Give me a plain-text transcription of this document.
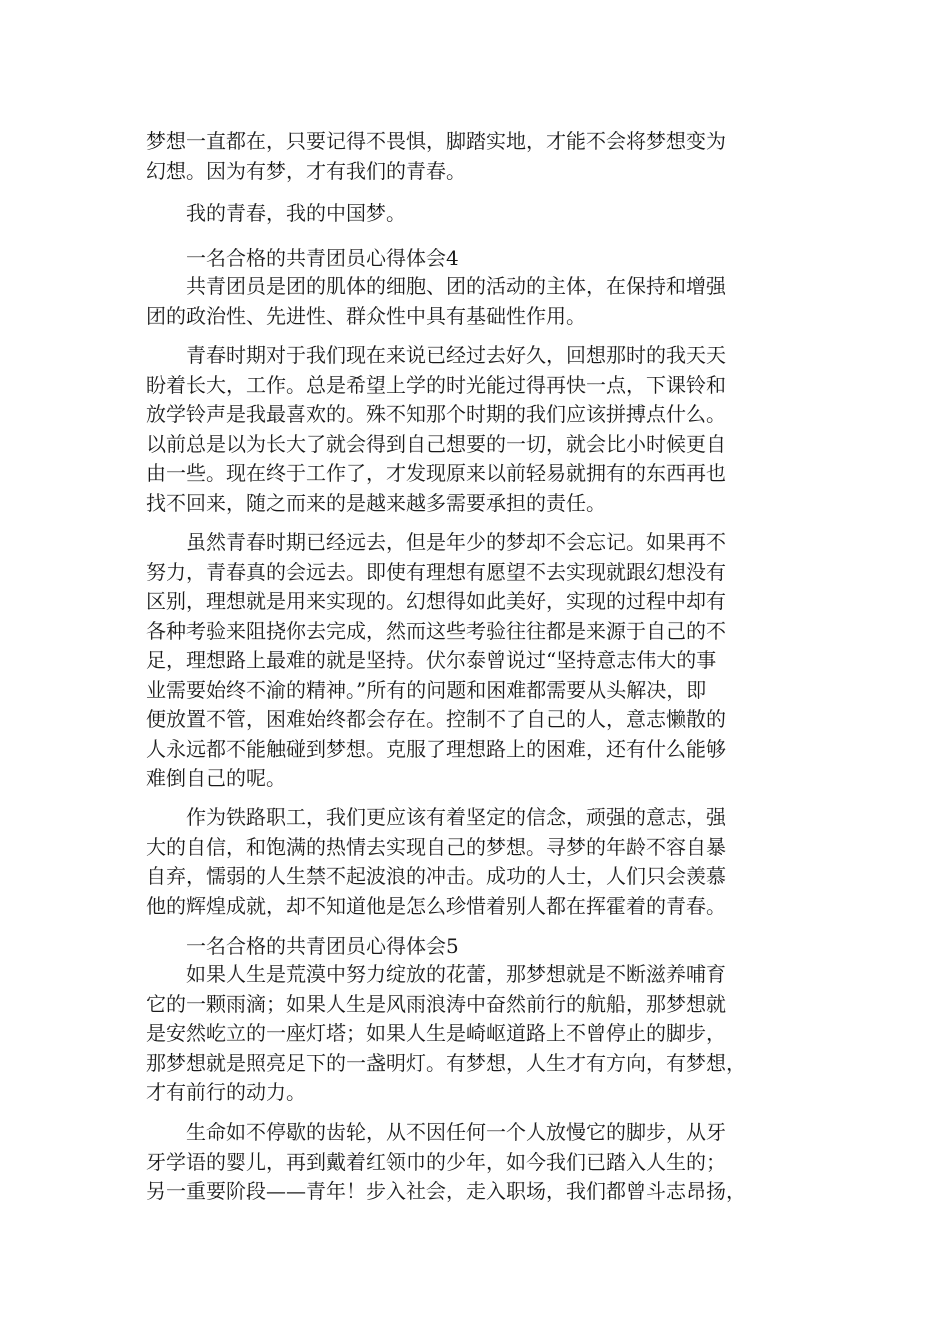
梦想一直都在，只要记得不畏惧，脚踏实地，才能不会将梦想变为
幻想。因为有梦，才有我们的青春。
　　我的青春，我的中国梦。
　　一名合格的共青团员心得体会4
　　共青团员是团的肌体的细胞、团的活动的主体，在保持和增强
团的政治性、先进性、群众性中具有基础性作用。
　　青春时期对于我们现在来说已经过去好久，回想那时的我天天
盼着长大，工作。总是希望上学的时光能过得再快一点，下课铃和
放学铃声是我最喜欢的。殊不知那个时期的我们应该拼搏点什么。
以前总是以为长大了就会得到自己想要的一切，就会比小时候更自
由一些。现在终于工作了，才发现原来以前轻易就拥有的东西再也
找不回来，随之而来的是越来越多需要承担的责任。
　　虽然青春时期已经远去，但是年少的梦却不会忘记。如果再不
努力，青春真的会远去。即使有理想有愿望不去实现就跟幻想没有
区别，理想就是用来实现的。幻想得如此美好，实现的过程中却有
各种考验来阻挠你去完成，然而这些考验往往都是来源于自己的不
足，理想路上最难的就是坚持。伏尔泰曾说过“坚持意志伟大的事
业需要始终不渝的精神。”所有的问题和困难都需要从头解决，即
便放置不管，困难始终都会存在。控制不了自己的人，意志懒散的
人永远都不能触碰到梦想。克服了理想路上的困难，还有什么能够
难倒自己的呢。
　　作为铁路职工，我们更应该有着坚定的信念，顽强的意志，强
大的自信，和饱满的热情去实现自己的梦想。寻梦的年龄不容自暴
自弃，懦弱的人生禁不起波浪的冲击。成功的人士，人们只会羡慕
他的辉煌成就，却不知道他是怎么珍惜着别人都在挥霍着的青春。
　　一名合格的共青团员心得体会5
　　如果人生是荒漠中努力绽放的花蕾，那梦想就是不断滋养哺育
它的一颗雨滴；如果人生是风雨浪涛中奋然前行的航船，那梦想就
是安然屹立的一座灯塔；如果人生是崎岖道路上不曾停止的脚步，
那梦想就是照亮足下的一盏明灯。有梦想，人生才有方向，有梦想，
才有前行的动力。
　　生命如不停歇的齿轮，从不因任何一个人放慢它的脚步，从牙
牙学语的婴儿，再到戴着红领巾的少年，如今我们已踏入人生的；
另一重要阶段——青年！步入社会，走入职场，我们都曾斗志昂扬，
